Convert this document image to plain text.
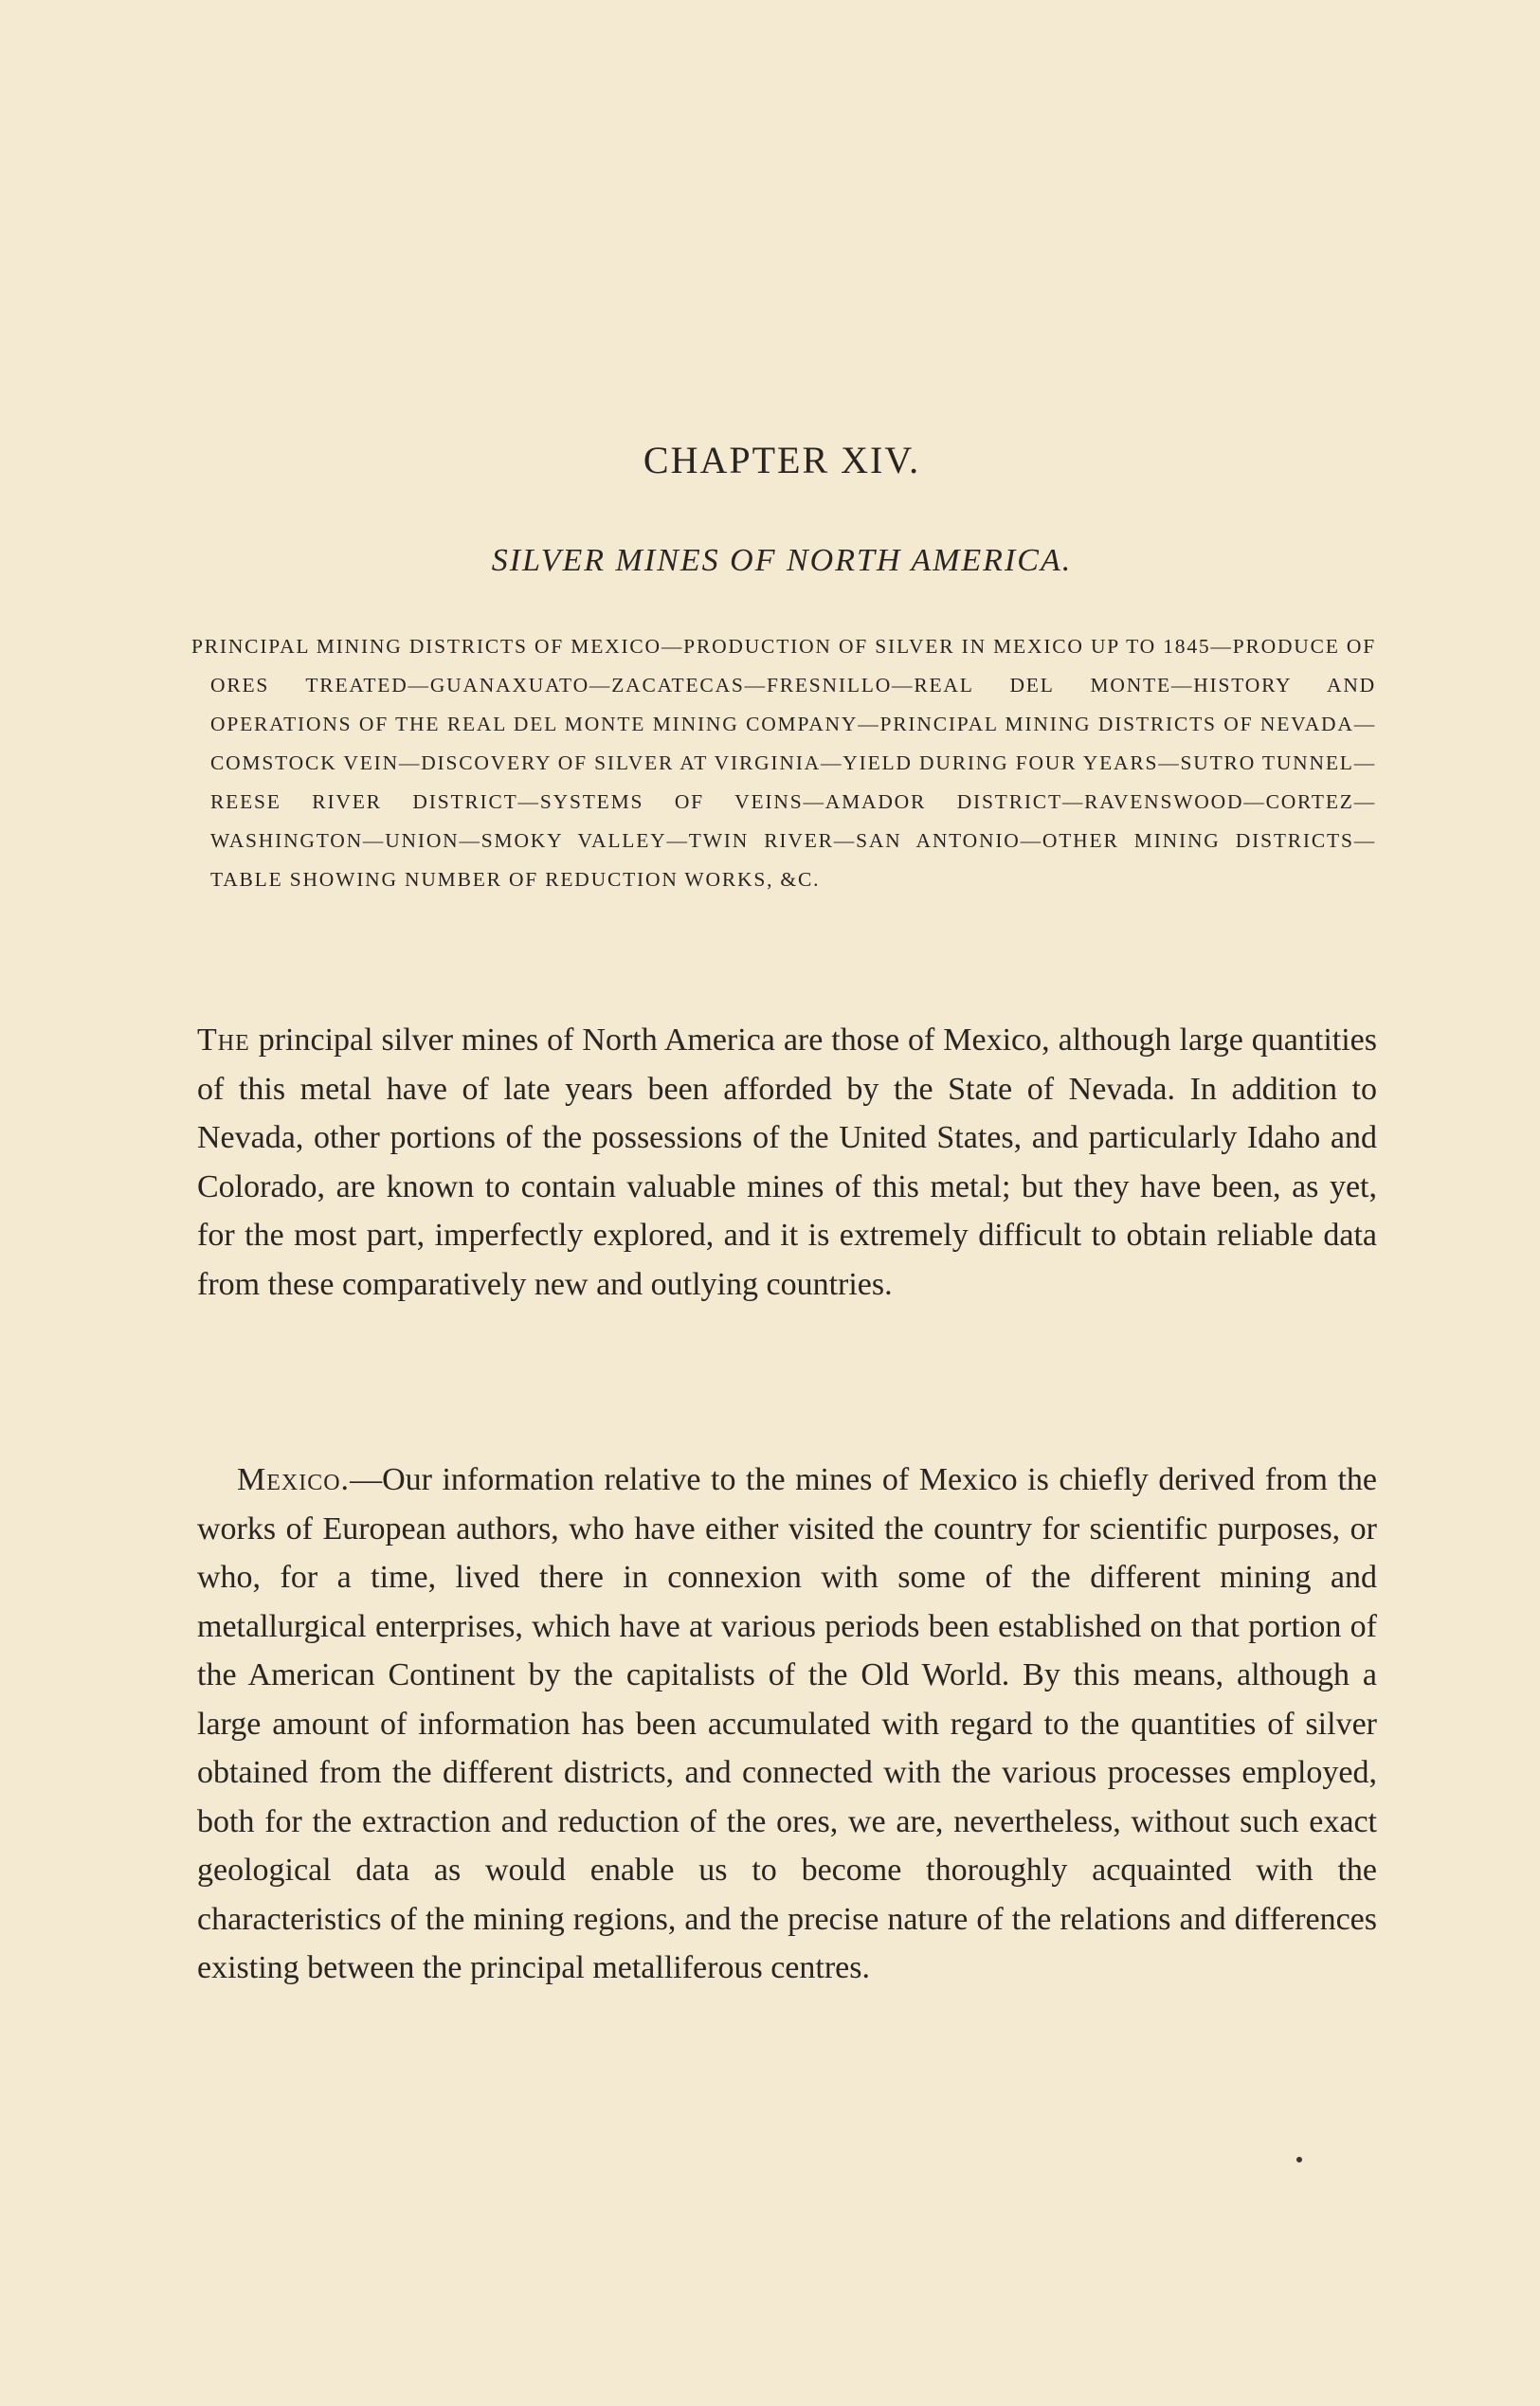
CHAPTER XIV.
SILVER MINES OF NORTH AMERICA.
PRINCIPAL MINING DISTRICTS OF MEXICO—PRODUCTION OF SILVER IN MEXICO UP TO 1845—PRODUCE OF ORES TREATED—GUANAXUATO—ZACATECAS—FRESNILLO—REAL DEL MONTE—HISTORY AND OPERATIONS OF THE REAL DEL MONTE MINING COMPANY—PRINCIPAL MINING DISTRICTS OF NEVADA—COMSTOCK VEIN—DISCOVERY OF SILVER AT VIRGINIA—YIELD DURING FOUR YEARS—SUTRO TUNNEL—REESE RIVER DISTRICT—SYSTEMS OF VEINS—AMADOR DISTRICT—RAVENSWOOD—CORTEZ—WASHINGTON—UNION—SMOKY VALLEY—TWIN RIVER—SAN ANTONIO—OTHER MINING DISTRICTS—TABLE SHOWING NUMBER OF REDUCTION WORKS, &C.

The principal silver mines of North America are those of Mexico, although large quantities of this metal have of late years been afforded by the State of Nevada. In addition to Nevada, other portions of the possessions of the United States, and particularly Idaho and Colorado, are known to contain valuable mines of this metal; but they have been, as yet, for the most part, imperfectly explored, and it is extremely difficult to obtain reliable data from these comparatively new and outlying countries.

Mexico.—Our information relative to the mines of Mexico is chiefly derived from the works of European authors, who have either visited the country for scientific purposes, or who, for a time, lived there in connexion with some of the different mining and metallurgical enterprises, which have at various periods been established on that portion of the American Continent by the capitalists of the Old World. By this means, although a large amount of information has been accumulated with regard to the quantities of silver obtained from the different districts, and connected with the various processes employed, both for the extraction and reduction of the ores, we are, nevertheless, without such exact geological data as would enable us to become thoroughly acquainted with the characteristics of the mining regions, and the precise nature of the relations and differences existing between the principal metalliferous centres.
